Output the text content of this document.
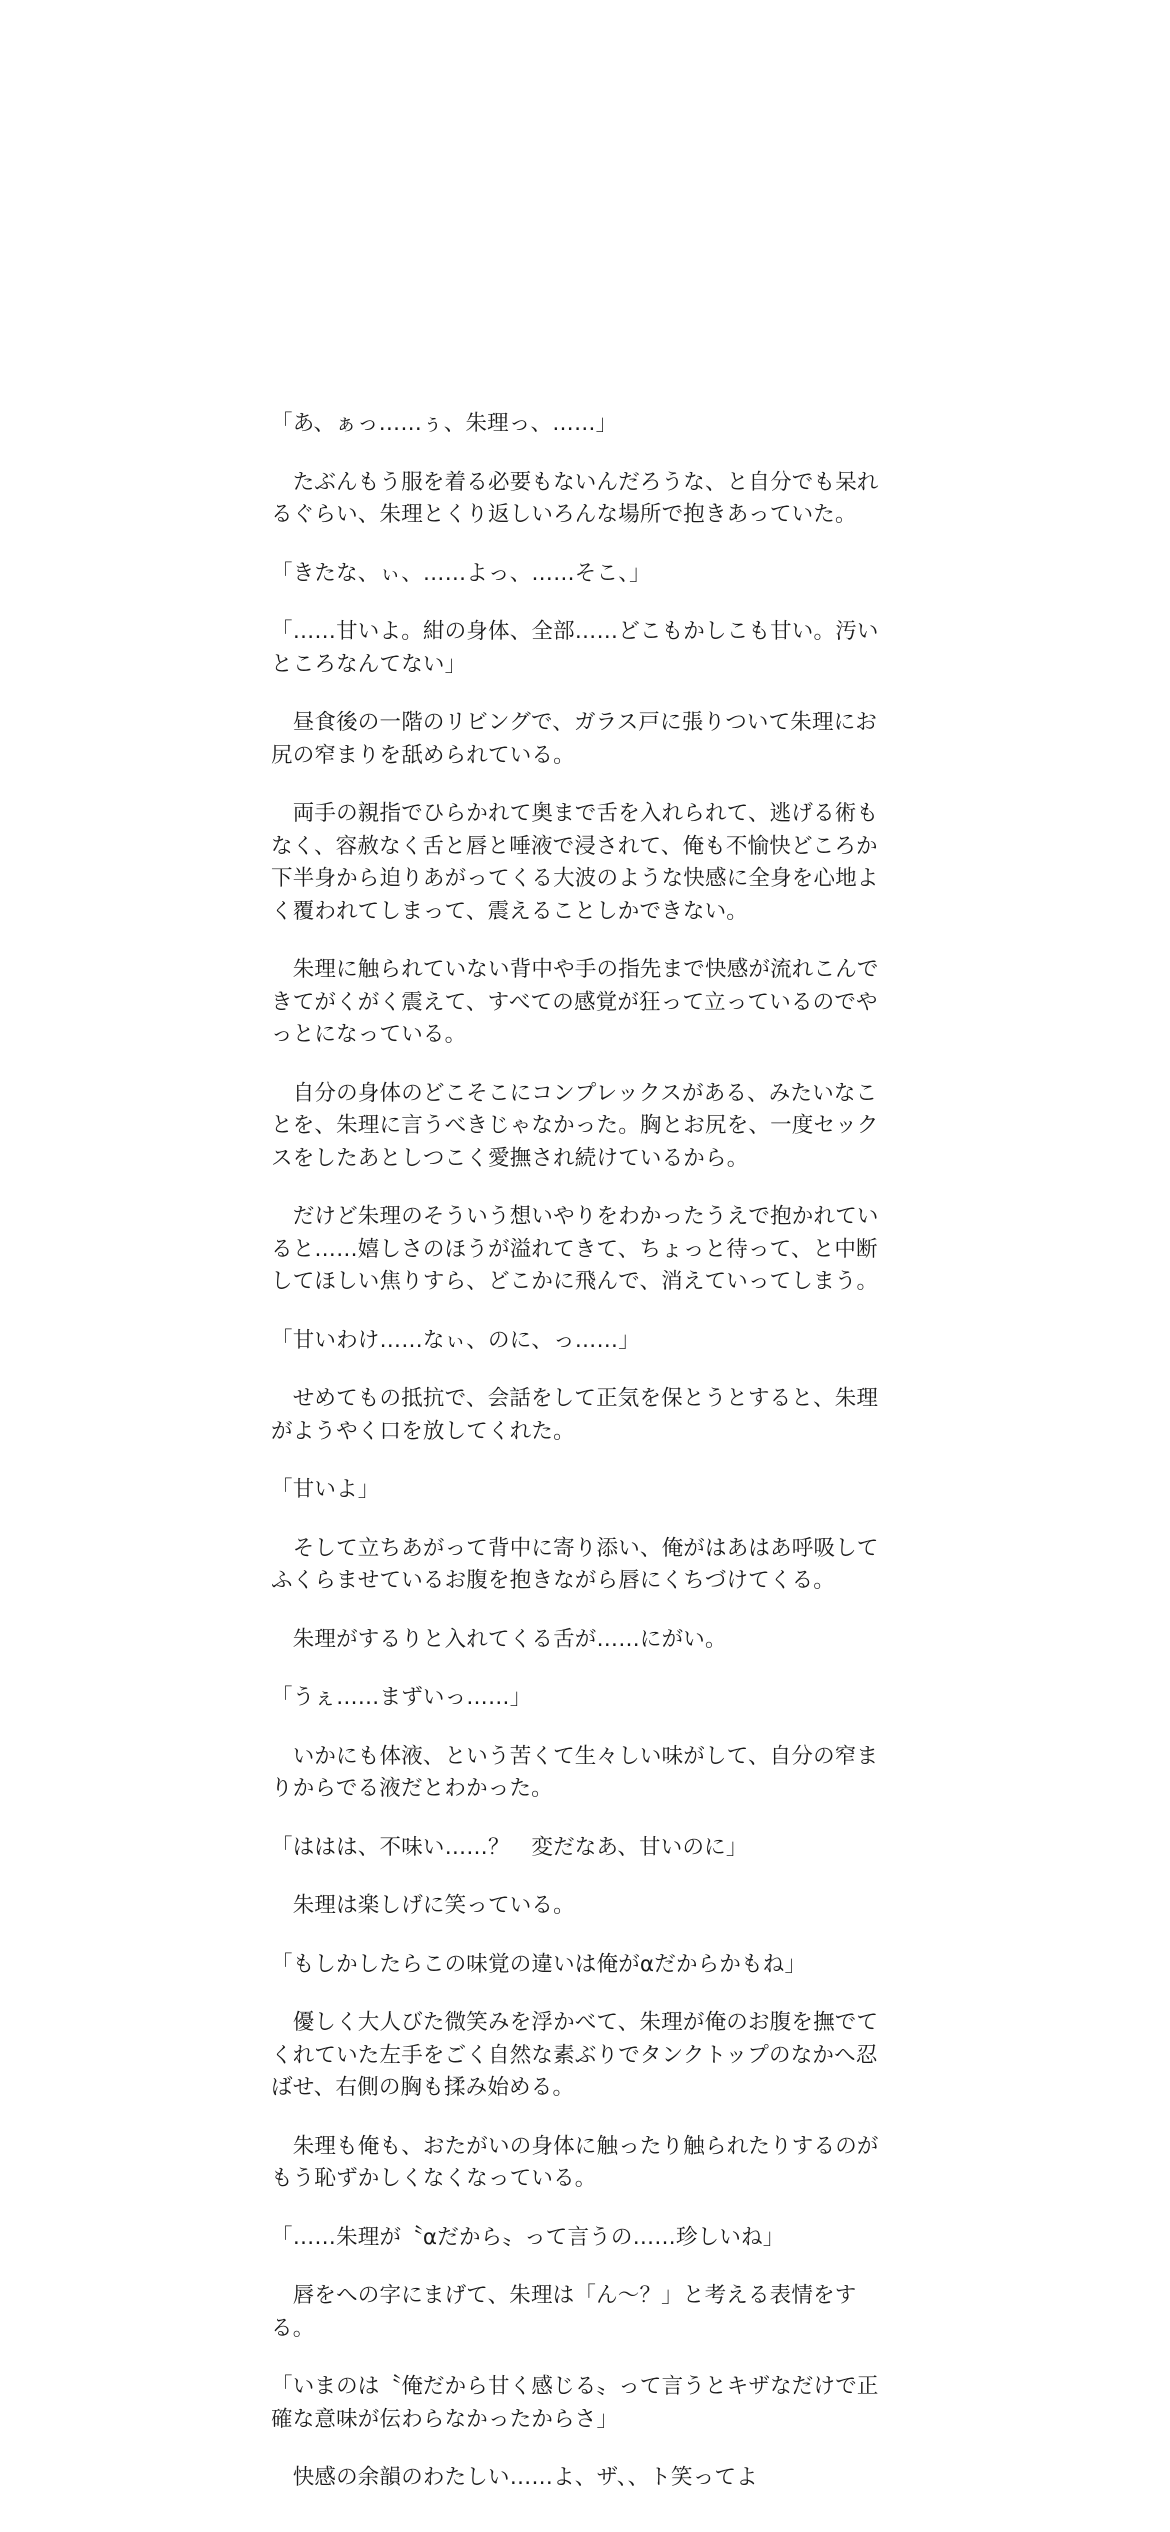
「あ、ぁっ……ぅ、朱理っ、……」

　たぶんもう服を着る必要もないんだろうな、と自分でも呆れるぐらい、朱理とくり返しいろんな場所で抱きあっていた。

「きたな、ぃ、……よっ、……そこ、」

「……甘いよ。紺の身体、全部……どこもかしこも甘い。汚いところなんてない」

　昼食後の一階のリビングで、ガラス戸に張りついて朱理にお尻の窄まりを舐められている。

　両手の親指でひらかれて奥まで舌を入れられて、逃げる術もなく、容赦なく舌と唇と唾液で浸されて、俺も不愉快どころか下半身から迫りあがってくる大波のような快感に全身を心地よく覆われてしまって、震えることしかできない。

　朱理に触られていない背中や手の指先まで快感が流れこんできてがくがく震えて、すべての感覚が狂って立っているのでやっとになっている。

　自分の身体のどこそこにコンプレックスがある、みたいなことを、朱理に言うべきじゃなかった。胸とお尻を、一度セックスをしたあとしつこく愛撫され続けているから。

　だけど朱理のそういう想いやりをわかったうえで抱かれていると……嬉しさのほうが溢れてきて、ちょっと待って、と中断してほしい焦りすら、どこかに飛んで、消えていってしまう。

「甘いわけ……なぃ、のに、っ……」

　せめてもの抵抗で、会話をして正気を保とうとすると、朱理がようやく口を放してくれた。

「甘いよ」

　そして立ちあがって背中に寄り添い、俺がはあはあ呼吸してふくらませているお腹を抱きながら唇にくちづけてくる。

　朱理がするりと入れてくる舌が……にがい。

「うぇ……まずいっ……」

　いかにも体液、という苦くて生々しい味がして、自分の窄まりからでる液だとわかった。

「ははは、不味い……？　変だなあ、甘いのに」

　朱理は楽しげに笑っている。

「もしかしたらこの味覚の違いは俺がαだからかもね」

　優しく大人びた微笑みを浮かべて、朱理が俺のお腹を撫でてくれていた左手をごく自然な素ぶりでタンクトップのなかへ忍ばせ、右側の胸も揉み始める。

　朱理も俺も、おたがいの身体に触ったり触られたりするのがもう恥ずかしくなくなっている。

「……朱理が〝αだから〟って言うの……珍しいね」

　唇をへの字にまげて、朱理は「ん～？」と考える表情をする。

「いまのは〝俺だから甘く感じる〟って言うとキザなだけで正確な意味が伝わらなかったからさ」

　快感の余韻のわたしい……よ、ザ、、ト笑ってよ
